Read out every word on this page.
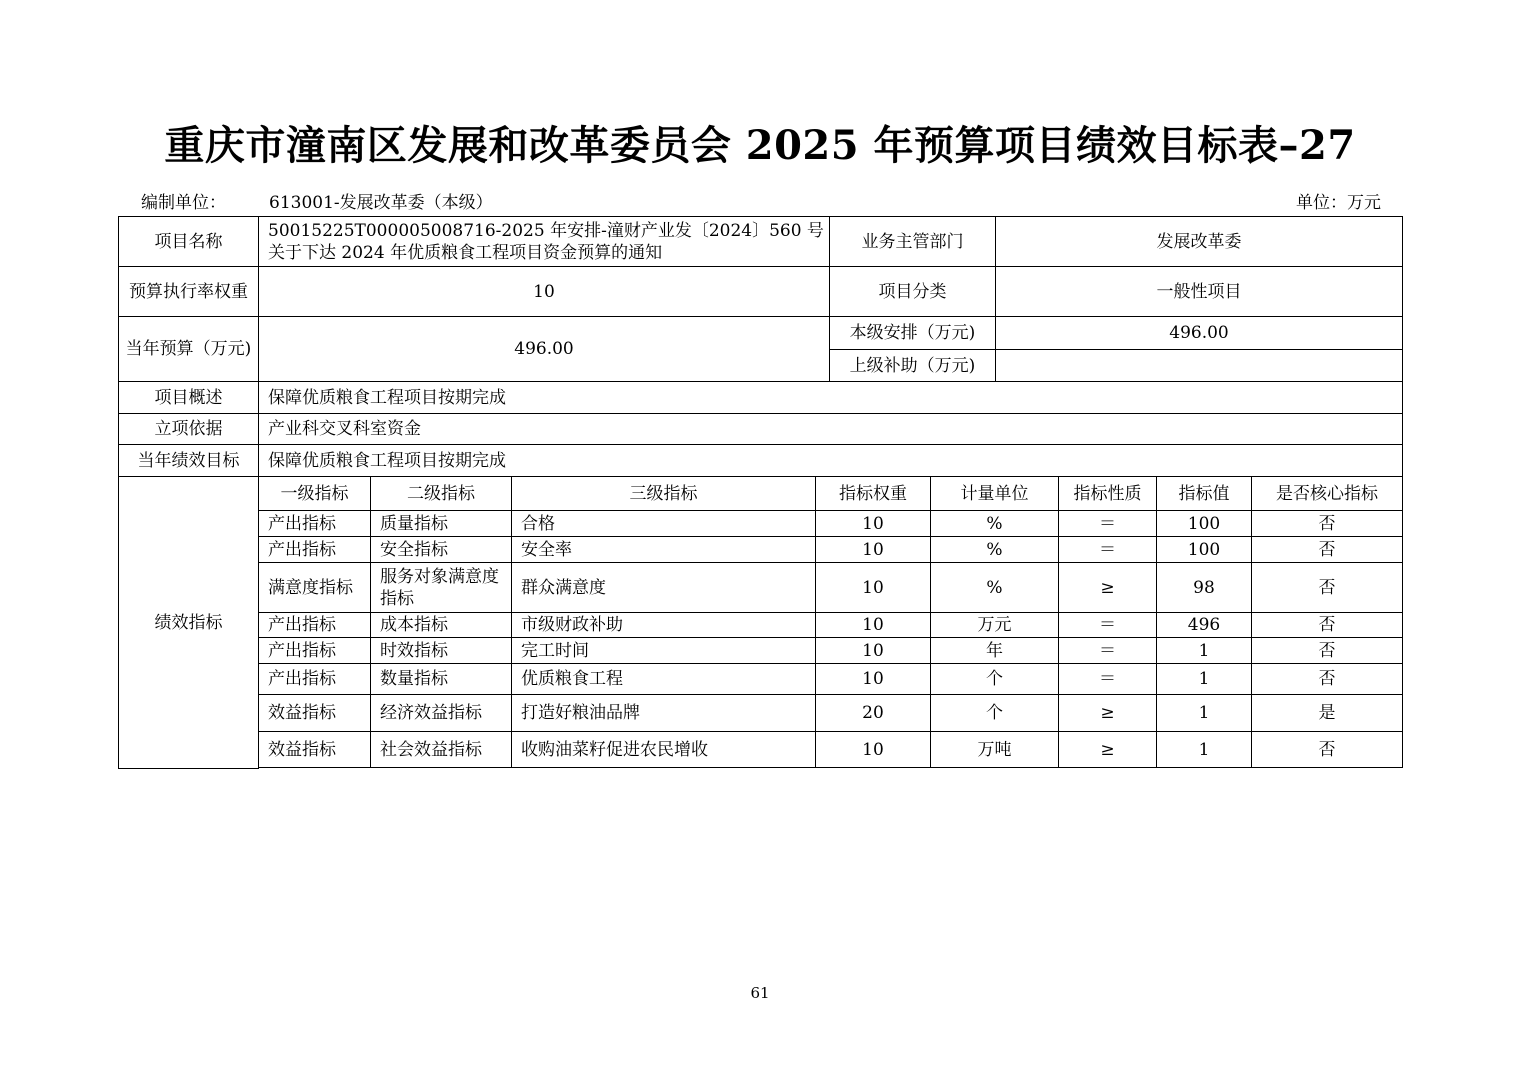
重庆市潼南区发展和改革委员会 2025 年预算项目绩效目标表–27
编制单位：	613001-发展改革委（本级）	单位：万元
项目名称	50015225T000005008716-2025 年安排-潼财产业发〔2024〕560 号关于下达 2024 年优质粮食工程项目资金预算的通知	业务主管部门	发展改革委
预算执行率权重	10	项目分类	一般性项目
当年预算（万元)	496.00	本级安排（万元)	496.00
		上级补助（万元)	
项目概述	保障优质粮食工程项目按期完成		
立项依据	产业科交叉科室资金		
当年绩效目标	保障优质粮食工程项目按期完成		
绩效指标
一级指标	二级指标	三级指标	指标权重	计量单位	指标性质	指标值	是否核心指标
产出指标	质量指标	合格	10	%	＝	100	否
产出指标	安全指标	安全率	10	%	＝	100	否
满意度指标	服务对象满意度指标	群众满意度	10	%	≥	98	否
产出指标	成本指标	市级财政补助	10	万元	＝	496	否
产出指标	时效指标	完工时间	10	年	＝	1	否
产出指标	数量指标	优质粮食工程	10	个	＝	1	否
效益指标	经济效益指标	打造好粮油品牌	20	个	≥	1	是
效益指标	社会效益指标	收购油菜籽促进农民增收	10	万吨	≥	1	否
61
